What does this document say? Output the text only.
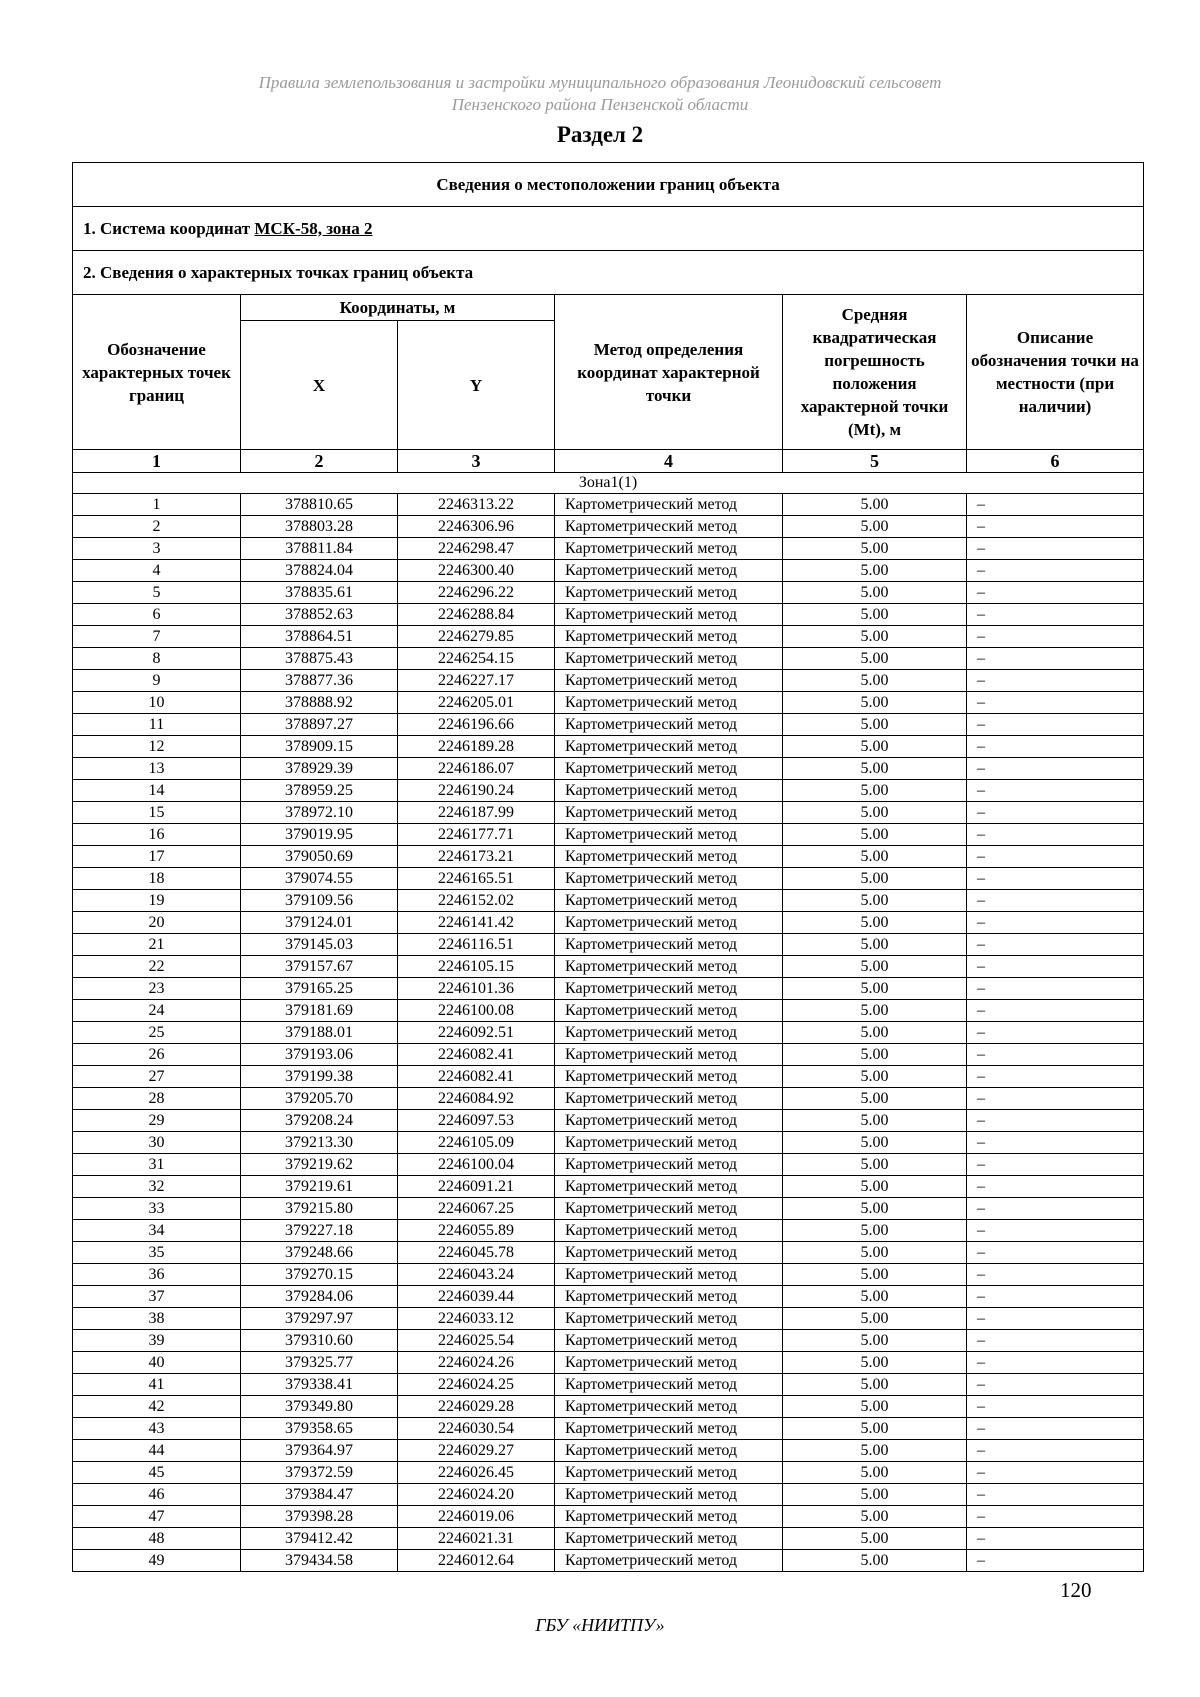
Правила землепользования и застройки муниципального образования Леонидовский сельсовет
Пензенского района Пензенской области
Раздел 2
Сведения о местоположении границ объекта					
1. Система координат МСК-58, зона 2					
2. Сведения о характерных точках границ объекта					
Обозначение характерных точек границ	Координаты, м		Метод определения координат характерной точки	Средняя квадратическая погрешность положения характерной точки (Mt), м	Описание обозначения точки на местности (при наличии)
	X	Y			
1	2	3	4	5	6
Зона1(1)					
1	378810.65	2246313.22	Картометрический метод	5.00	–
2	378803.28	2246306.96	Картометрический метод	5.00	–
3	378811.84	2246298.47	Картометрический метод	5.00	–
4	378824.04	2246300.40	Картометрический метод	5.00	–
5	378835.61	2246296.22	Картометрический метод	5.00	–
6	378852.63	2246288.84	Картометрический метод	5.00	–
7	378864.51	2246279.85	Картометрический метод	5.00	–
8	378875.43	2246254.15	Картометрический метод	5.00	–
9	378877.36	2246227.17	Картометрический метод	5.00	–
10	378888.92	2246205.01	Картометрический метод	5.00	–
11	378897.27	2246196.66	Картометрический метод	5.00	–
12	378909.15	2246189.28	Картометрический метод	5.00	–
13	378929.39	2246186.07	Картометрический метод	5.00	–
14	378959.25	2246190.24	Картометрический метод	5.00	–
15	378972.10	2246187.99	Картометрический метод	5.00	–
16	379019.95	2246177.71	Картометрический метод	5.00	–
17	379050.69	2246173.21	Картометрический метод	5.00	–
18	379074.55	2246165.51	Картометрический метод	5.00	–
19	379109.56	2246152.02	Картометрический метод	5.00	–
20	379124.01	2246141.42	Картометрический метод	5.00	–
21	379145.03	2246116.51	Картометрический метод	5.00	–
22	379157.67	2246105.15	Картометрический метод	5.00	–
23	379165.25	2246101.36	Картометрический метод	5.00	–
24	379181.69	2246100.08	Картометрический метод	5.00	–
25	379188.01	2246092.51	Картометрический метод	5.00	–
26	379193.06	2246082.41	Картометрический метод	5.00	–
27	379199.38	2246082.41	Картометрический метод	5.00	–
28	379205.70	2246084.92	Картометрический метод	5.00	–
29	379208.24	2246097.53	Картометрический метод	5.00	–
30	379213.30	2246105.09	Картометрический метод	5.00	–
31	379219.62	2246100.04	Картометрический метод	5.00	–
32	379219.61	2246091.21	Картометрический метод	5.00	–
33	379215.80	2246067.25	Картометрический метод	5.00	–
34	379227.18	2246055.89	Картометрический метод	5.00	–
35	379248.66	2246045.78	Картометрический метод	5.00	–
36	379270.15	2246043.24	Картометрический метод	5.00	–
37	379284.06	2246039.44	Картометрический метод	5.00	–
38	379297.97	2246033.12	Картометрический метод	5.00	–
39	379310.60	2246025.54	Картометрический метод	5.00	–
40	379325.77	2246024.26	Картометрический метод	5.00	–
41	379338.41	2246024.25	Картометрический метод	5.00	–
42	379349.80	2246029.28	Картометрический метод	5.00	–
43	379358.65	2246030.54	Картометрический метод	5.00	–
44	379364.97	2246029.27	Картометрический метод	5.00	–
45	379372.59	2246026.45	Картометрический метод	5.00	–
46	379384.47	2246024.20	Картометрический метод	5.00	–
47	379398.28	2246019.06	Картометрический метод	5.00	–
48	379412.42	2246021.31	Картометрический метод	5.00	–
49	379434.58	2246012.64	Картометрический метод	5.00	–
120
ГБУ «НИИТПУ»
